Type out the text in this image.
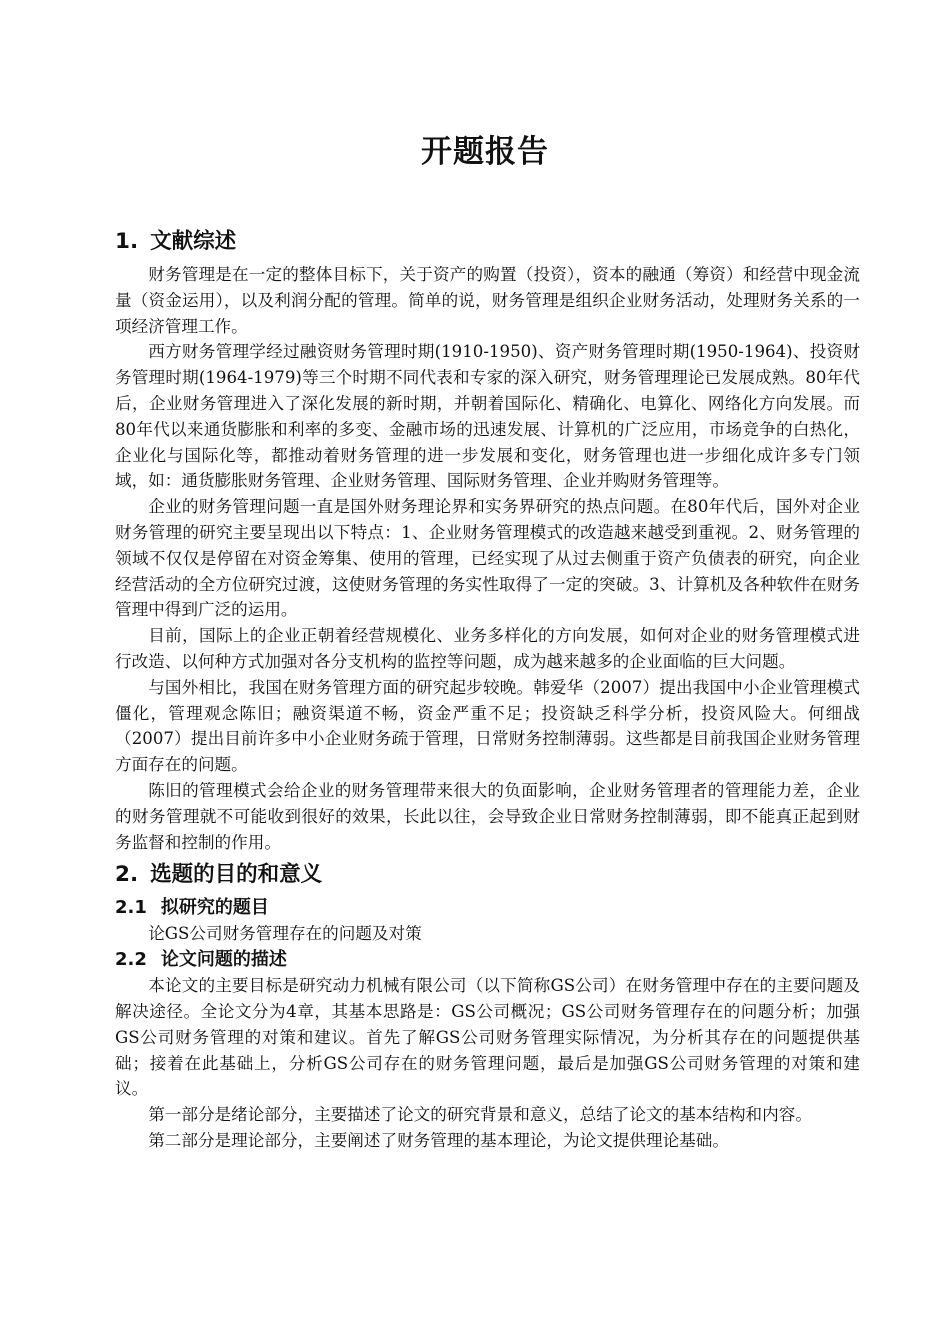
开题报告
1. 文献综述

财务管理是在一定的整体目标下，关于资产的购置（投资），资本的融通（筹资）和经营中现金流量（资金运用），以及利润分配的管理。简单的说，财务管理是组织企业财务活动，处理财务关系的一项经济管理工作。

西方财务管理学经过融资财务管理时期(1910-1950)、资产财务管理时期(1950-1964)、投资财务管理时期(1964-1979)等三个时期不同代表和专家的深入研究，财务管理理论已发展成熟。80年代后，企业财务管理进入了深化发展的新时期，并朝着国际化、精确化、电算化、网络化方向发展。而80年代以来通货膨胀和利率的多变、金融市场的迅速发展、计算机的广泛应用，市场竞争的白热化，企业化与国际化等，都推动着财务管理的进一步发展和变化，财务管理也进一步细化成许多专门领域，如：通货膨胀财务管理、企业财务管理、国际财务管理、企业并购财务管理等。

企业的财务管理问题一直是国外财务理论界和实务界研究的热点问题。在80年代后，国外对企业财务管理的研究主要呈现出以下特点：1、企业财务管理模式的改造越来越受到重视。2、财务管理的领域不仅仅是停留在对资金筹集、使用的管理，已经实现了从过去侧重于资产负债表的研究，向企业经营活动的全方位研究过渡，这使财务管理的务实性取得了一定的突破。3、计算机及各种软件在财务管理中得到广泛的运用。

目前，国际上的企业正朝着经营规模化、业务多样化的方向发展，如何对企业的财务管理模式进行改造、以何种方式加强对各分支机构的监控等问题，成为越来越多的企业面临的巨大问题。

与国外相比，我国在财务管理方面的研究起步较晚。韩爱华（2007）提出我国中小企业管理模式僵化，管理观念陈旧；融资渠道不畅，资金严重不足；投资缺乏科学分析，投资风险大。何细战（2007）提出目前许多中小企业财务疏于管理，日常财务控制薄弱。这些都是目前我国企业财务管理方面存在的问题。

陈旧的管理模式会给企业的财务管理带来很大的负面影响，企业财务管理者的管理能力差，企业的财务管理就不可能收到很好的效果，长此以往，会导致企业日常财务控制薄弱，即不能真正起到财务监督和控制的作用。

2. 选题的目的和意义
2.1 拟研究的题目

论GS公司财务管理存在的问题及对策

2.2 论文问题的描述

本论文的主要目标是研究动力机械有限公司（以下简称GS公司）在财务管理中存在的主要问题及解决途径。全论文分为4章，其基本思路是：GS公司概况；GS公司财务管理存在的问题分析；加强GS公司财务管理的对策和建议。首先了解GS公司财务管理实际情况，为分析其存在的问题提供基础；接着在此基础上，分析GS公司存在的财务管理问题，最后是加强GS公司财务管理的对策和建议。

第一部分是绪论部分，主要描述了论文的研究背景和意义，总结了论文的基本结构和内容。

第二部分是理论部分，主要阐述了财务管理的基本理论，为论文提供理论基础。
